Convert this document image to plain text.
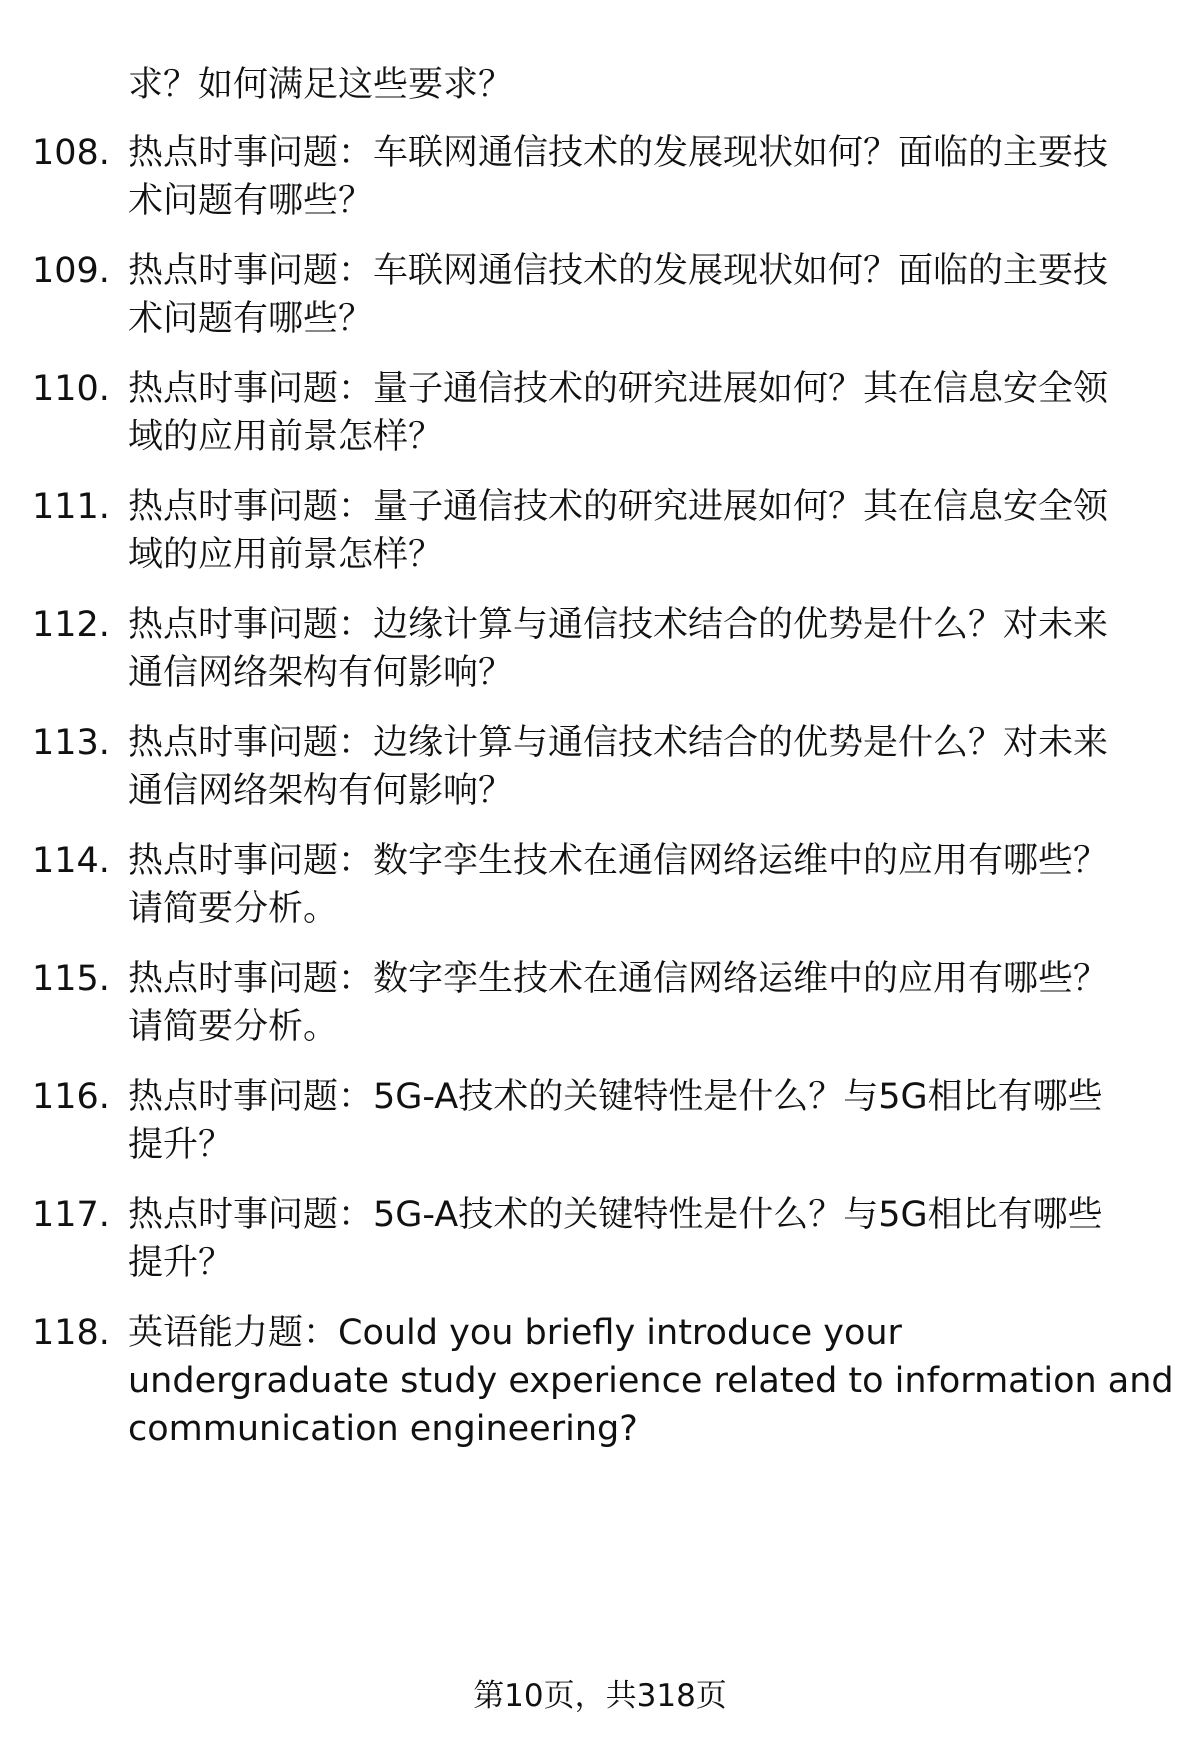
求？如何满足这些要求？
108. 热点时事问题：车联网通信技术的发展现状如何？面临的主要技
术问题有哪些？
109. 热点时事问题：车联网通信技术的发展现状如何？面临的主要技
术问题有哪些？
110. 热点时事问题：量子通信技术的研究进展如何？其在信息安全领
域的应用前景怎样？
111. 热点时事问题：量子通信技术的研究进展如何？其在信息安全领
域的应用前景怎样？
112. 热点时事问题：边缘计算与通信技术结合的优势是什么？对未来
通信网络架构有何影响？
113. 热点时事问题：边缘计算与通信技术结合的优势是什么？对未来
通信网络架构有何影响？
114. 热点时事问题：数字孪生技术在通信网络运维中的应用有哪些？
请简要分析。
115. 热点时事问题：数字孪生技术在通信网络运维中的应用有哪些？
请简要分析。
116. 热点时事问题：5G-A技术的关键特性是什么？与5G相比有哪些
提升？
117. 热点时事问题：5G-A技术的关键特性是什么？与5G相比有哪些
提升？
118. 英语能力题：Could you briefly introduce your
undergraduate study experience related to information and
communication engineering?
第10页，共318页
